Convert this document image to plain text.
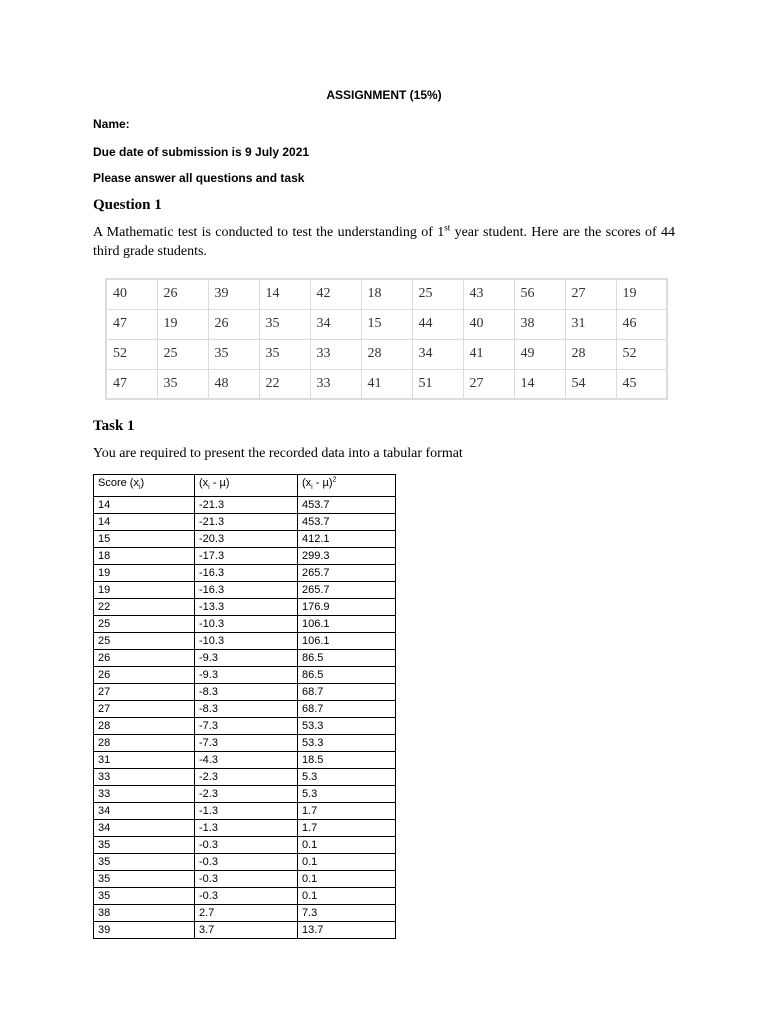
ASSIGNMENT (15%)
Name:
Due date of submission is 9 July 2021
Please answer all questions and task
Question 1
A Mathematic test is conducted to test the understanding of 1st year student. Here are the scores of 44 third grade students.
40	26	39	14	42	18	25	43	56	27	19
47	19	26	35	34	15	44	40	38	31	46
52	25	35	35	33	28	34	41	49	28	52
47	35	48	22	33	41	51	27	14	54	45
Task 1
You are required to present the recorded data into a tabular format
Score $(x_i)$	$(x_i - \mu)$	$(x_i - \mu)^2$
14	-21.3	453.7
14	-21.3	453.7
15	-20.3	412.1
18	-17.3	299.3
19	-16.3	265.7
19	-16.3	265.7
22	-13.3	176.9
25	-10.3	106.1
25	-10.3	106.1
26	-9.3	86.5
26	-9.3	86.5
27	-8.3	68.7
27	-8.3	68.7
28	-7.3	53.3
28	-7.3	53.3
31	-4.3	18.5
33	-2.3	5.3
33	-2.3	5.3
34	-1.3	1.7
34	-1.3	1.7
35	-0.3	0.1
35	-0.3	0.1
35	-0.3	0.1
35	-0.3	0.1
38	2.7	7.3
39	3.7	13.7
